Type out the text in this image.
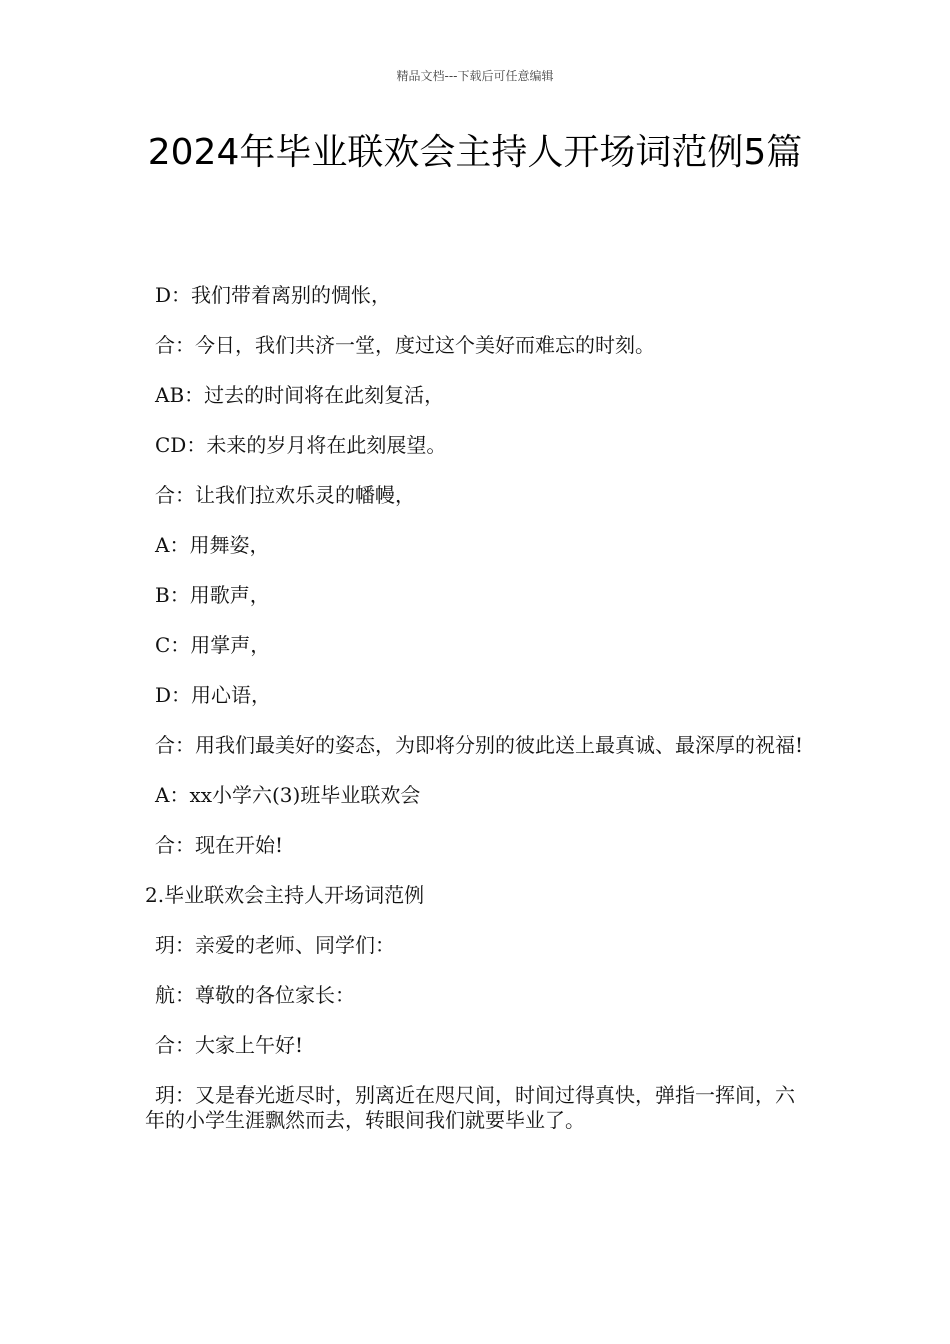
精品文档---下载后可任意编辑
2024年毕业联欢会主持人开场词范例5篇

D：我们带着离别的惆怅，

合：今日，我们共济一堂，度过这个美好而难忘的时刻。

AB：过去的时间将在此刻复活，

CD：未来的岁月将在此刻展望。

合：让我们拉欢乐灵的幡幔，

A：用舞姿，

B：用歌声，

C：用掌声，

D：用心语，

合：用我们最美好的姿态，为即将分别的彼此送上最真诚、最深厚的祝福!

A：xx小学六(3)班毕业联欢会

合：现在开始!

2.毕业联欢会主持人开场词范例

玥：亲爱的老师、同学们：

航：尊敬的各位家长：

合：大家上午好!

玥：又是春光逝尽时，别离近在咫尺间，时间过得真快，弹指一挥间，六年的小学生涯飘然而去，转眼间我们就要毕业了。
